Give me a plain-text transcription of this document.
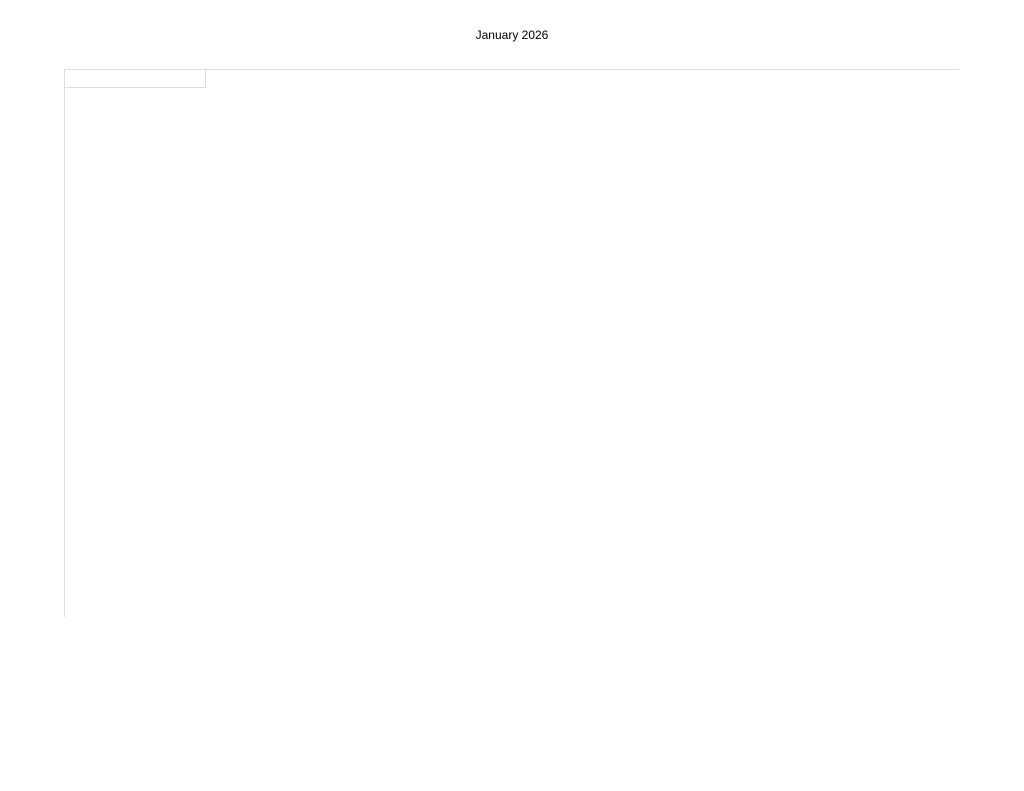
January 2026
